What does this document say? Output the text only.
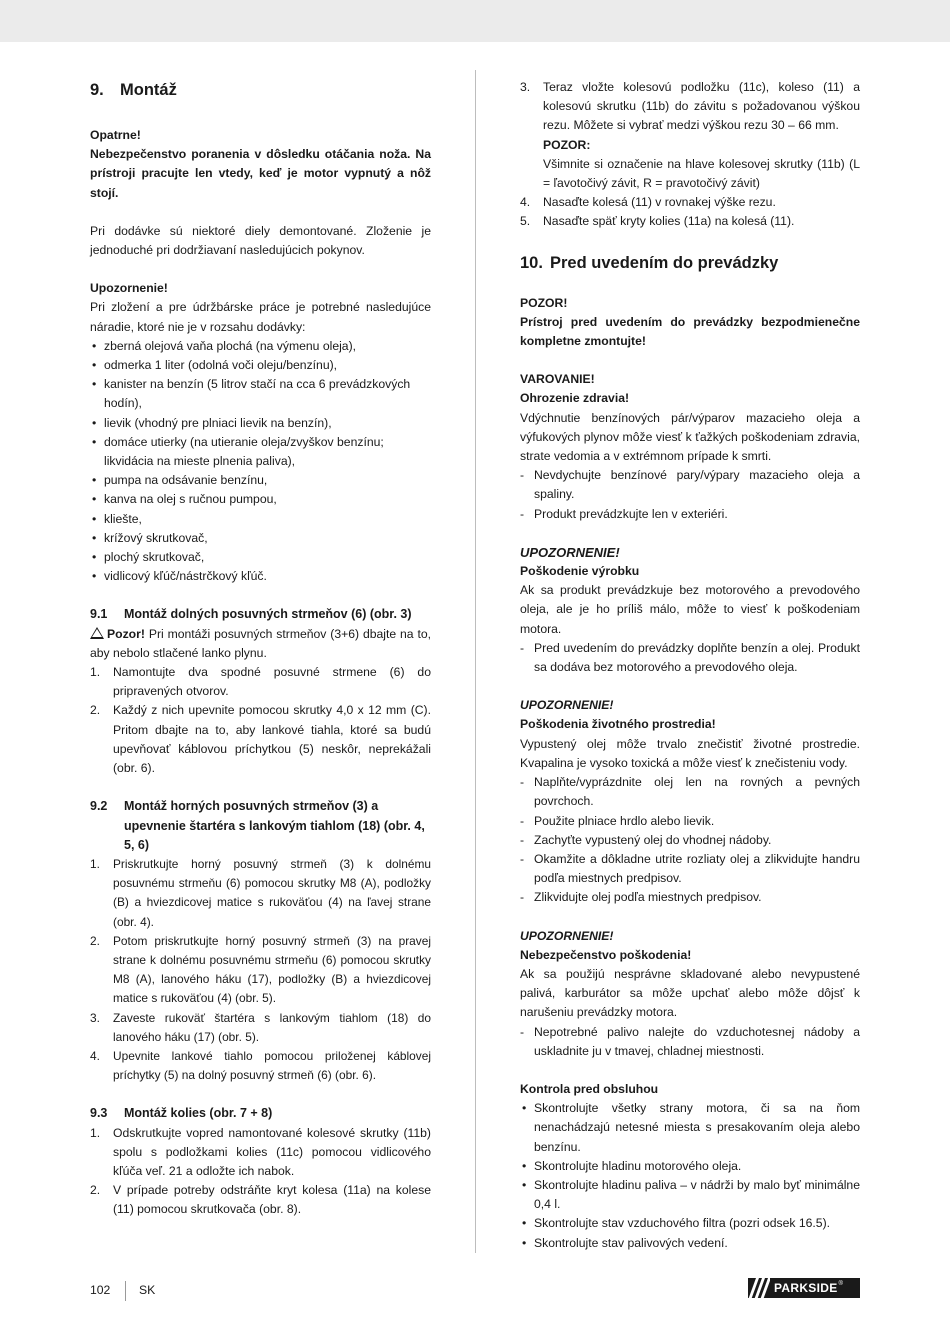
9. Montáž

Opatrne!

Nebezpečenstvo poranenia v dôsledku otáčania noža. Na prístroji pracujte len vtedy, keď je motor vypnutý a nôž stojí.

Pri dodávke sú niektoré diely demontované. Zloženie je jednoduché pri dodržiavaní nasledujúcich pokynov.

Upozornenie!

Pri zložení a pre údržbárske práce je potrebné nasledujúce náradie, ktoré nie je v rozsahu dodávky:

• zberná olejová vaňa plochá (na výmenu oleja),
• odmerka 1 liter (odolná voči oleju/benzínu),
• kanister na benzín (5 litrov stačí na cca 6 prevádzkových hodín),
• lievik (vhodný pre plniaci lievik na benzín),
• domáce utierky (na utieranie oleja/zvyškov benzínu; likvidácia na mieste plnenia paliva),
• pumpa na odsávanie benzínu,
• kanva na olej s ručnou pumpou,
• kliešte,
• krížový skrutkovač,
• plochý skrutkovač,
• vidlicový kľúč/nástrčkový kľúč.
9.1	Montáž dolných posuvných strmeňov (6) (obr. 3)

Pozor! Pri montáži posuvných strmeňov (3+6) dbajte na to, aby nebolo stlačené lanko plynu.

1.	Namontujte dva spodné posuvné strmene (6) do pripravených otvorov.
2.	Každý z nich upevnite pomocou skrutky 4,0 x 12 mm (C). Pritom dbajte na to, aby lankové tiahla, ktoré sa budú upevňovať káblovou príchytkou (5) neskôr, neprekážali (obr. 6).
9.2	Montáž horných posuvných strmeňov (3) a upevnenie štartéra s lankovým tiahlom (18) (obr. 4, 5, 6)
1.	Priskrutkujte horný posuvný strmeň (3) k dolnému posuvnému strmeňu (6) pomocou skrutky M8 (A), podložky (B) a hviezdicovej matice s rukoväťou (4) na ľavej strane (obr. 4).
2.	Potom priskrutkujte horný posuvný strmeň (3) na pravej strane k dolnému posuvnému strmeňu (6) pomocou skrutky M8 (A), lanového háku (17), podložky (B) a hviezdicovej matice s rukoväťou (4) (obr. 5).
3.	Zaveste rukoväť štartéra s lankovým tiahlom (18) do lanového háku (17) (obr. 5).
4.	Upevnite lankové tiahlo pomocou priloženej káblovej príchytky (5) na dolný posuvný strmeň (6) (obr. 6).
9.3	Montáž kolies (obr. 7 + 8)
1.	Odskrutkujte vopred namontované kolesové skrutky (11b) spolu s podložkami kolies (11c) pomocou vidlicového kľúča veľ. 21 a odložte ich nabok.
2.	V prípade potreby odstráňte kryt kolesa (11a) na kolese (11) pomocou skrutkovača (obr. 8).
3.	Teraz vložte kolesovú podložku (11c), koleso (11) a kolesovú skrutku (11b) do závitu s požadovanou výškou rezu. Môžete si vybrať medzi výškou rezu 30 – 66 mm.
POZOR:
Všimnite si označenie na hlave kolesovej skrutky (11b) (L = ľavotočivý závit, R = pravotočivý závit)
4.	Nasaďte kolesá (11) v rovnakej výške rezu.
5.	Nasaďte späť kryty kolies (11a) na kolesá (11).
10. Pred uvedením do prevádzky

POZOR!

Prístroj pred uvedením do prevádzky bezpodmienečne kompletne zmontujte!

VAROVANIE!

Ohrozenie zdravia!

Vdýchnutie benzínových pár/výparov mazacieho oleja a výfukových plynov môže viesť k ťažkých poškodeniam zdravia, strate vedomia a v extrémnom prípade k smrti.

- Nevdychujte benzínové pary/výpary mazacieho oleja a spaliny.
- Produkt prevádzkujte len v exteriéri.

UPOZORNENIE!

Poškodenie výrobku

Ak sa produkt prevádzkuje bez motorového a prevodového oleja, ale je ho príliš málo, môže to viesť k poškodeniam motora.

- Pred uvedením do prevádzky doplňte benzín a olej. Produkt sa dodáva bez motorového a prevodového oleja.

UPOZORNENIE!

Poškodenia životného prostredia!

Vypustený olej môže trvalo znečistiť životné prostredie. Kvapalina je vysoko toxická a môže viesť k znečisteniu vody.

- Naplňte/vyprázdnite olej len na rovných a pevných povrchoch.
- Použite plniace hrdlo alebo lievik.
- Zachyťte vypustený olej do vhodnej nádoby.
- Okamžite a dôkladne utrite rozliaty olej a zlikvidujte handru podľa miestnych predpisov.
- Zlikvidujte olej podľa miestnych predpisov.

UPOZORNENIE!

Nebezpečenstvo poškodenia!

Ak sa použijú nesprávne skladované alebo nevypustené palivá, karburátor sa môže upchať alebo môže dôjsť k narušeniu prevádzky motora.

- Nepotrebné palivo nalejte do vzduchotesnej nádoby a uskladnite ju v tmavej, chladnej miestnosti.

Kontrola pred obsluhou

• Skontrolujte všetky strany motora, či sa na ňom nenachádzajú netesné miesta s presakovaním oleja alebo benzínu.
• Skontrolujte hladinu motorového oleja.
• Skontrolujte hladinu paliva – v nádrži by malo byť minimálne 0,4 l.
• Skontrolujte stav vzduchového filtra (pozri odsek 16.5).
• Skontrolujte stav palivových vedení.
102 SK	PARKSIDE ®
